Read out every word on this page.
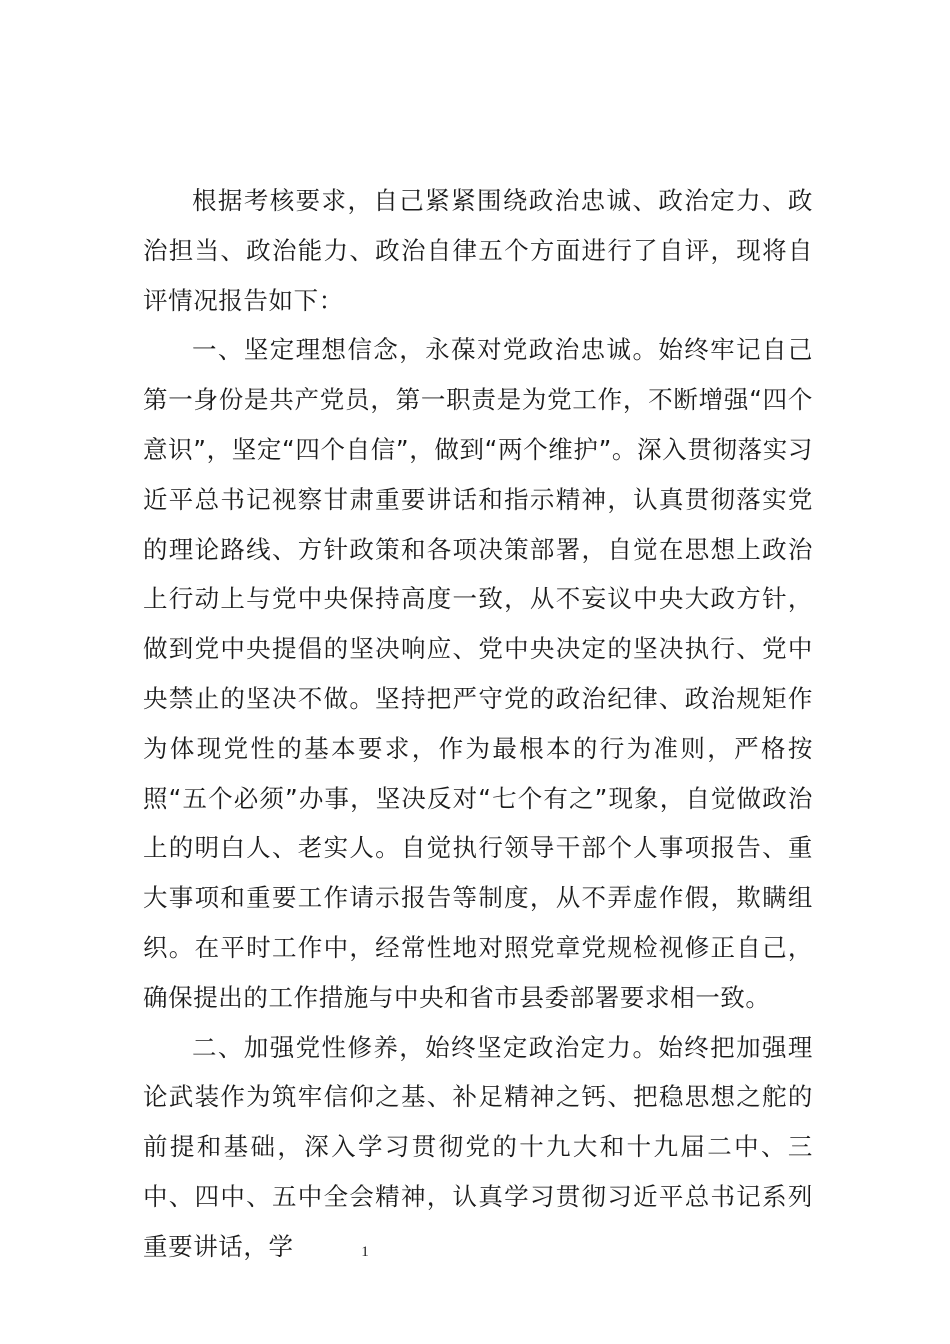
根据考核要求，自己紧紧围绕政治忠诚、政治定力、政治担当、政治能力、政治自律五个方面进行了自评，现将自评情况报告如下：

一、坚定理想信念，永葆对党政治忠诚。始终牢记自己第一身份是共产党员，第一职责是为党工作，不断增强“四个意识”，坚定“四个自信”，做到“两个维护”。深入贯彻落实习近平总书记视察甘肃重要讲话和指示精神，认真贯彻落实党的理论路线、方针政策和各项决策部署，自觉在思想上政治上行动上与党中央保持高度一致，从不妄议中央大政方针，做到党中央提倡的坚决响应、党中央决定的坚决执行、党中央禁止的坚决不做。坚持把严守党的政治纪律、政治规矩作为体现党性的基本要求，作为最根本的行为准则，严格按照“五个必须”办事，坚决反对“七个有之”现象，自觉做政治上的明白人、老实人。自觉执行领导干部个人事项报告、重大事项和重要工作请示报告等制度，从不弄虚作假，欺瞒组织。在平时工作中，经常性地对照党章党规检视修正自己，确保提出的工作措施与中央和省市县委部署要求相一致。

二、加强党性修养，始终坚定政治定力。始终把加强理论武装作为筑牢信仰之基、补足精神之钙、把稳思想之舵的前提和基础，深入学习贯彻党的十九大和十九届二中、三中、四中、五中全会精神，认真学习贯彻习近平总书记系列重要讲话，学	1
